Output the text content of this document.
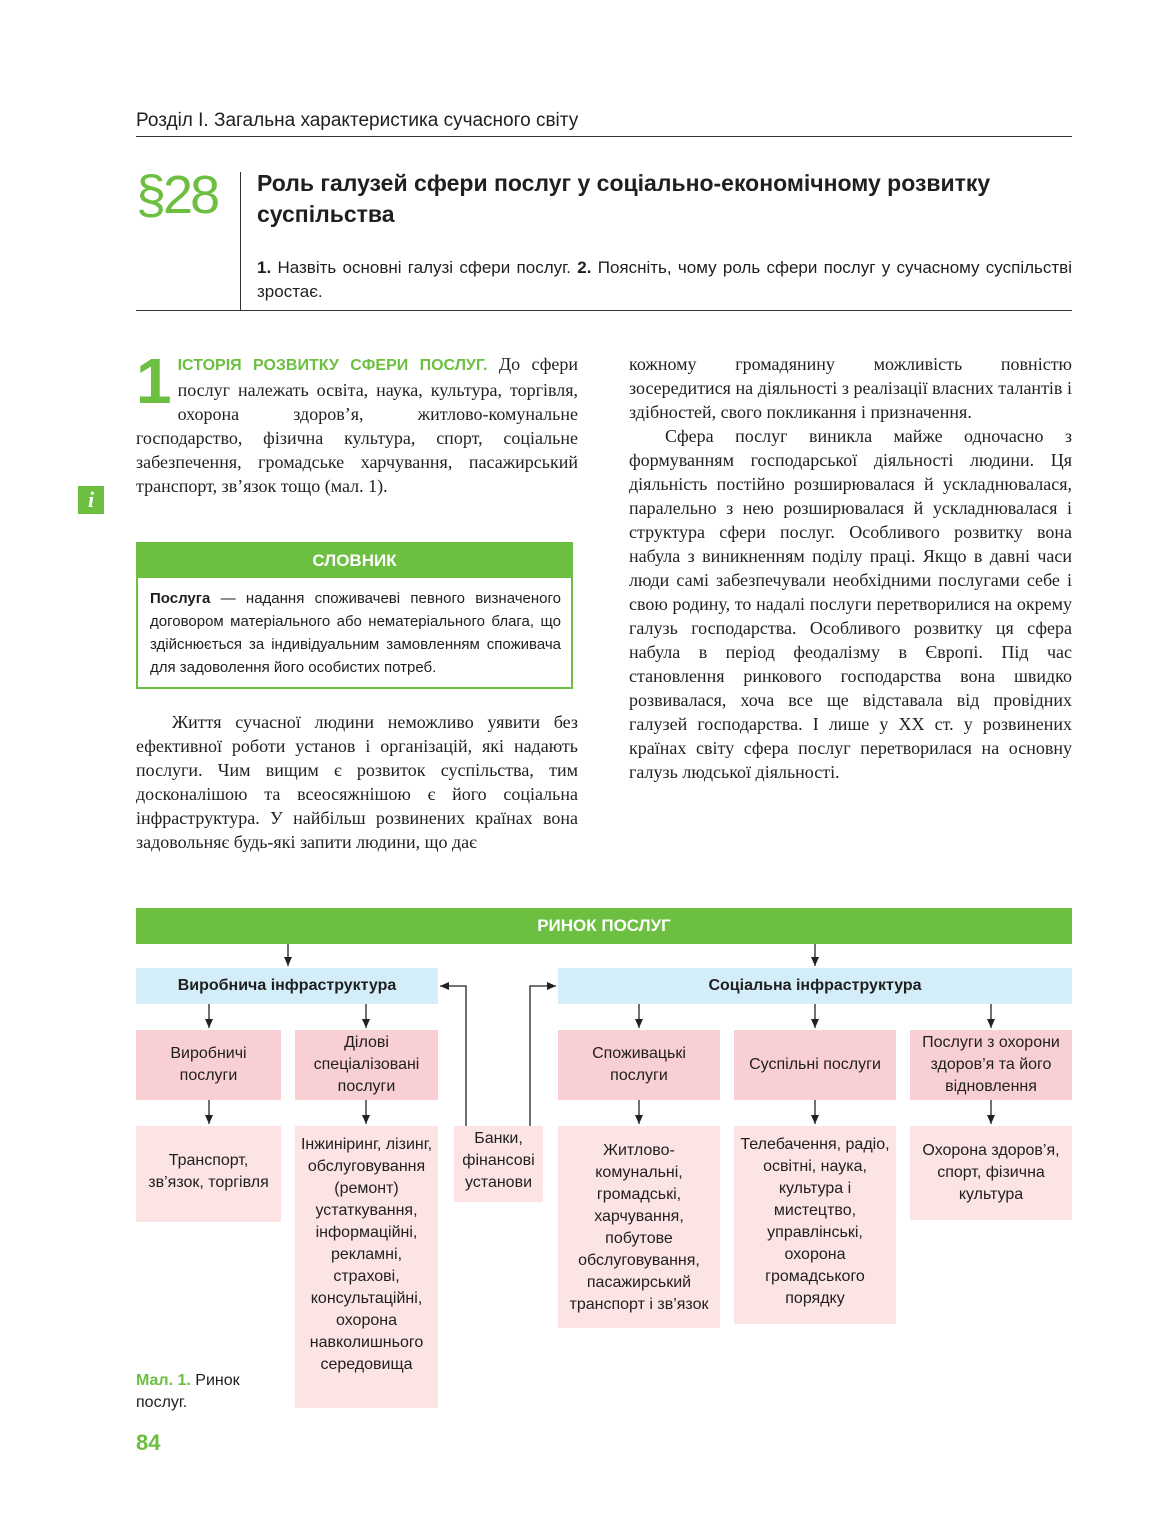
Розділ І. Загальна характеристика сучасного світу
§28 Роль галузей сфери послуг у соціально-економічному розвитку суспільства
1. Назвіть основні галузі сфери послуг. 2. Поясніть, чому роль сфери послуг у сучасному суспільстві зростає.
1 ІСТОРІЯ РОЗВИТКУ СФЕРИ ПОСЛУГ. До сфери послуг належать освіта, наука, культура, торгівля, охорона здоров’я, житлово-комунальне господарство, фізична культура, спорт, соціальне забезпечення, громадське харчування, пасажирський транспорт, зв’язок тощо (мал. 1).
i
СЛОВНИК
Послуга — надання споживачеві певного визначеного договором матеріального або нематеріального блага, що здійснюється за індивідуальним замовленням споживача для задоволення його особистих потреб.
Життя сучасної людини неможливо уявити без ефективної роботи установ і організацій, які надають послуги. Чим вищим є розвиток суспільства, тим досконалішою та всеосяжнішою є його соціальна інфраструктура. У найбільш розвинених країнах вона задовольняє будь-які запити людини, що дає
кожному громадянину можливість повністю зосередитися на діяльності з реалізації власних талантів і здібностей, свого покликання і призначення.
Сфера послуг виникла майже одночасно з формуванням господарської діяльності людини. Ця діяльність постійно розширювалася й ускладнювалася, паралельно з нею розширювалася й ускладнювалася і структура сфери послуг. Особливого розвитку вона набула з виникненням поділу праці. Якщо в давні часи люди самі забезпечували необхідними послугами себе і свою родину, то надалі послуги перетворилися на окрему галузь господарства. Особливого розвитку ця сфера набула в період феодалізму в Європі. Під час становлення ринкового господарства вона швидко розвивалася, хоча все ще відставала від провідних галузей господарства. І лише у ХХ ст. у розвинених країнах світу сфера послуг перетворилася на основну галузь людської діяльності.
РИНОК ПОСЛУГ
Виробнича інфраструктура	Соціальна інфраструктура
Виробничі послуги
Ділові спеціалізовані послуги
Споживацькі послуги
Суспільні послуги
Послуги з охорони здоров’я та його відновлення
Транспорт, зв’язок, торгівля
Інжиніринг, лізинг, обслуговування (ремонт) устаткування, інформаційні, рекламні, страхові, консультаційні, охорона навколишнього середовища
Банки, фінансові установи
Житлово-комунальні, громадські, харчування, побутове обслуговування, пасажирський транспорт і зв’язок
Телебачення, радіо, освітні, наука, культура і мистецтво, управлінські, охорона громадського порядку
Охорона здоров’я, спорт, фізична культура
Мал. 1. Ринок послуг.
84
